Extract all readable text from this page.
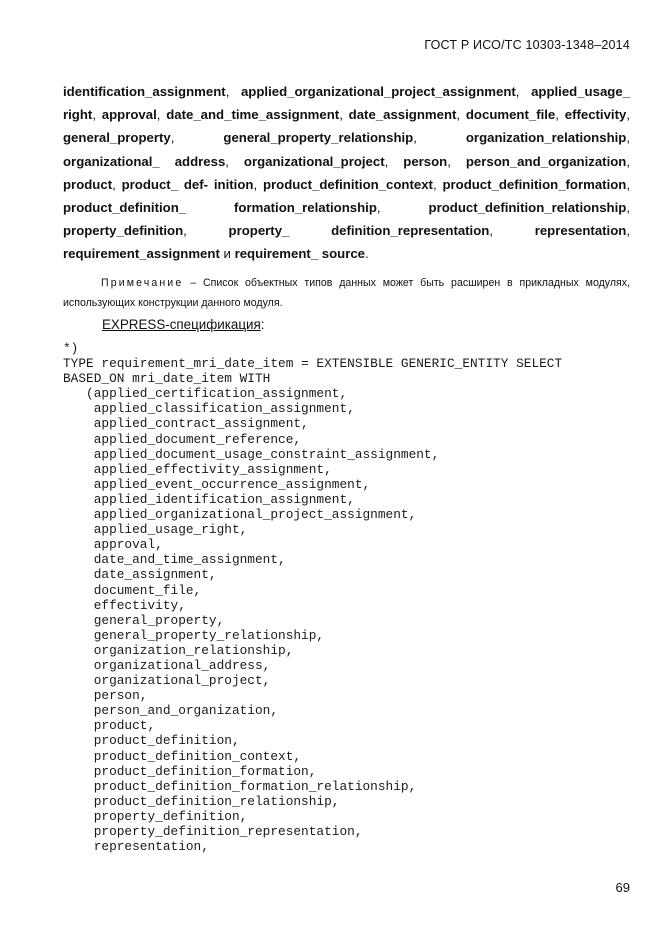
ГОСТ Р ИСО/ТС 10303-1348–2014
identification_assignment, applied_organizational_project_assignment, applied_usage_ right, approval, date_and_time_assignment, date_assignment, document_file, effectivity, general_property, general_property_relationship, organization_relationship, organizational_ address, organizational_project, person, person_and_organization, product, product_ def- inition, product_definition_context, product_definition_formation, product_definition_ formation_relationship, product_definition_relationship, property_definition, property_ definition_representation, representation, requirement_assignment и requirement_ source.
Примечание – Список объектных типов данных может быть расширен в прикладных модулях, использующих конструкции данного модуля.
EXPRESS-спецификация:
*)
TYPE requirement_mri_date_item = EXTENSIBLE GENERIC_ENTITY SELECT
BASED_ON mri_date_item WITH
(applied_certification_assignment,
applied_classification_assignment,
applied_contract_assignment,
applied_document_reference,
applied_document_usage_constraint_assignment,
applied_effectivity_assignment,
applied_event_occurrence_assignment,
applied_identification_assignment,
applied_organizational_project_assignment,
applied_usage_right,
approval,
date_and_time_assignment,
date_assignment,
document_file,
effectivity,
general_property,
general_property_relationship,
organization_relationship,
organizational_address,
organizational_project,
person,
person_and_organization,
product,
product_definition,
product_definition_context,
product_definition_formation,
product_definition_formation_relationship,
product_definition_relationship,
property_definition,
property_definition_representation,
representation,
69
